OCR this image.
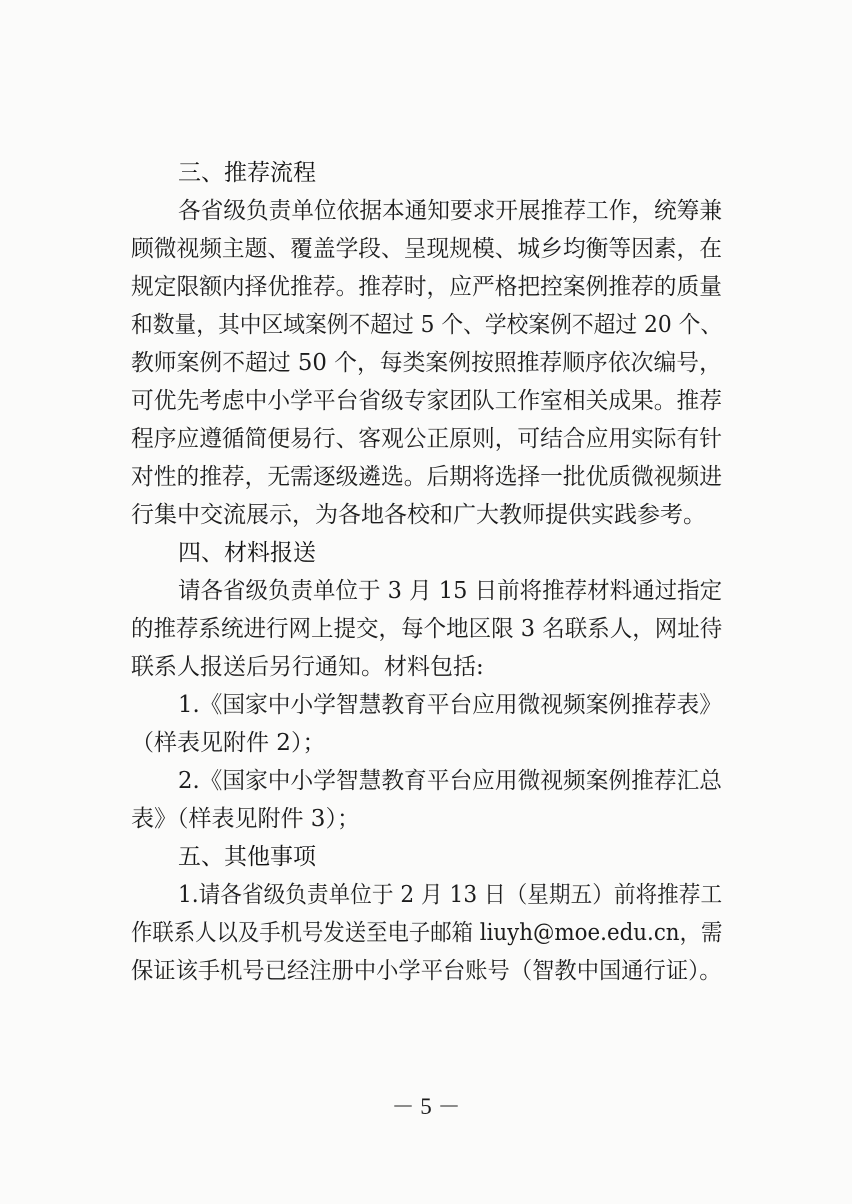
三、推荐流程
各省级负责单位依据本通知要求开展推荐工作，统筹兼
顾微视频主题、覆盖学段、呈现规模、城乡均衡等因素，在
规定限额内择优推荐。推荐时，应严格把控案例推荐的质量
和数量，其中区域案例不超过 5 个、学校案例不超过 20 个、
教师案例不超过 50 个，每类案例按照推荐顺序依次编号，
可优先考虑中小学平台省级专家团队工作室相关成果。推荐
程序应遵循简便易行、客观公正原则，可结合应用实际有针
对性的推荐，无需逐级遴选。后期将选择一批优质微视频进
行集中交流展示，为各地各校和广大教师提供实践参考。
四、材料报送
请各省级负责单位于 3 月 15 日前将推荐材料通过指定
的推荐系统进行网上提交，每个地区限 3 名联系人，网址待
联系人报送后另行通知。材料包括:
1.《国家中小学智慧教育平台应用微视频案例推荐表》
（样表见附件 2）；
2.《国家中小学智慧教育平台应用微视频案例推荐汇总
表》（样表见附件 3）；
五、其他事项
1.请各省级负责单位于 2 月 13 日（星期五）前将推荐工
作联系人以及手机号发送至电子邮箱 liuyh@moe.edu.cn，需
保证该手机号已经注册中小学平台账号（智教中国通行证）。
－ 5 －
